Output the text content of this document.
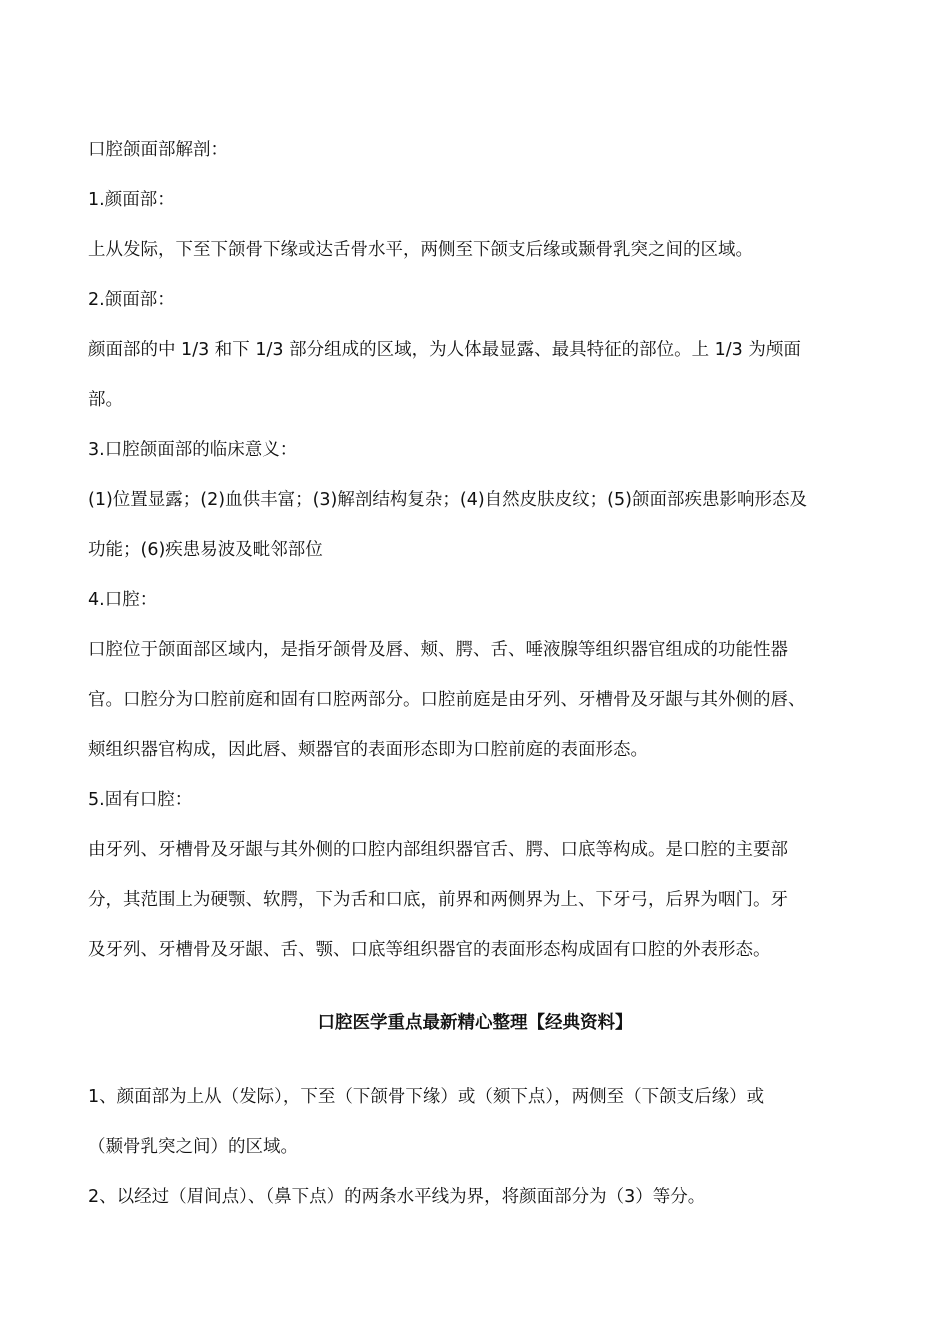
口腔颌面部解剖：
1.颜面部：
上从发际，下至下颌骨下缘或达舌骨水平，两侧至下颌支后缘或颞骨乳突之间的区域。
2.颌面部：
颜面部的中 1/3 和下 1/3 部分组成的区域，为人体最显露、最具特征的部位。上 1/3 为颅面
部。
3.口腔颌面部的临床意义：
(1)位置显露；(2)血供丰富；(3)解剖结构复杂；(4)自然皮肤皮纹；(5)颌面部疾患影响形态及
功能；(6)疾患易波及毗邻部位
4.口腔：
口腔位于颌面部区域内，是指牙颌骨及唇、颊、腭、舌、唾液腺等组织器官组成的功能性器
官。口腔分为口腔前庭和固有口腔两部分。口腔前庭是由牙列、牙槽骨及牙龈与其外侧的唇、
颊组织器官构成，因此唇、颊器官的表面形态即为口腔前庭的表面形态。
5.固有口腔：
由牙列、牙槽骨及牙龈与其外侧的口腔内部组织器官舌、腭、口底等构成。是口腔的主要部
分，其范围上为硬颚、软腭，下为舌和口底，前界和两侧界为上、下牙弓，后界为咽门。牙
及牙列、牙槽骨及牙龈、舌、颚、口底等组织器官的表面形态构成固有口腔的外表形态。
口腔医学重点最新精心整理【经典资料】
1、颜面部为上从（发际），下至（下颌骨下缘）或（颏下点），两侧至（下颌支后缘）或
（颞骨乳突之间）的区域。
2、以经过（眉间点）、（鼻下点）的两条水平线为界，将颜面部分为（3）等分。
